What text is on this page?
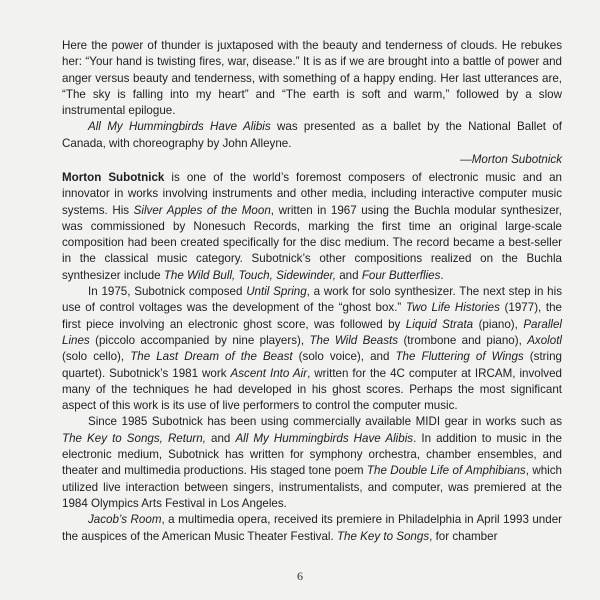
Here the power of thunder is juxtaposed with the beauty and tenderness of clouds. He rebukes her: “Your hand is twisting fires, war, disease.” It is as if we are brought into a battle of power and anger versus beauty and tenderness, with something of a happy ending. Her last utterances are, “The sky is falling into my heart” and “The earth is soft and warm,” followed by a slow instrumental epilogue.

All My Hummingbirds Have Alibis was presented as a ballet by the National Ballet of Canada, with choreography by John Alleyne.

—Morton Subotnick

Morton Subotnick is one of the world’s foremost composers of electronic music and an innovator in works involving instruments and other media, including interactive computer music systems. His Silver Apples of the Moon, written in 1967 using the Buchla modular synthesizer, was commissioned by Nonesuch Records, marking the first time an original large-scale composition had been created specifically for the disc medium. The record became a best-seller in the classical music category. Subotnick’s other compositions realized on the Buchla synthesizer include The Wild Bull, Touch, Sidewinder, and Four Butterflies.

In 1975, Subotnick composed Until Spring, a work for solo synthesizer. The next step in his use of control voltages was the development of the “ghost box.” Two Life Histories (1977), the first piece involving an electronic ghost score, was followed by Liquid Strata (piano), Parallel Lines (piccolo accompanied by nine players), The Wild Beasts (trombone and piano), Axolotl (solo cello), The Last Dream of the Beast (solo voice), and The Fluttering of Wings (string quartet). Subotnick’s 1981 work Ascent Into Air, written for the 4C computer at IRCAM, involved many of the techniques he had developed in his ghost scores. Perhaps the most significant aspect of this work is its use of live performers to control the computer music.

Since 1985 Subotnick has been using commercially available MIDI gear in works such as The Key to Songs, Return, and All My Hummingbirds Have Alibis. In addition to music in the electronic medium, Subotnick has written for symphony orchestra, chamber ensembles, and theater and multimedia productions. His staged tone poem The Double Life of Amphibians, which utilized live interaction between singers, instrumentalists, and computer, was premiered at the 1984 Olympics Arts Festival in Los Angeles.

Jacob’s Room, a multimedia opera, received its premiere in Philadelphia in April 1993 under the auspices of the American Music Theater Festival. The Key to Songs, for chamber

6
